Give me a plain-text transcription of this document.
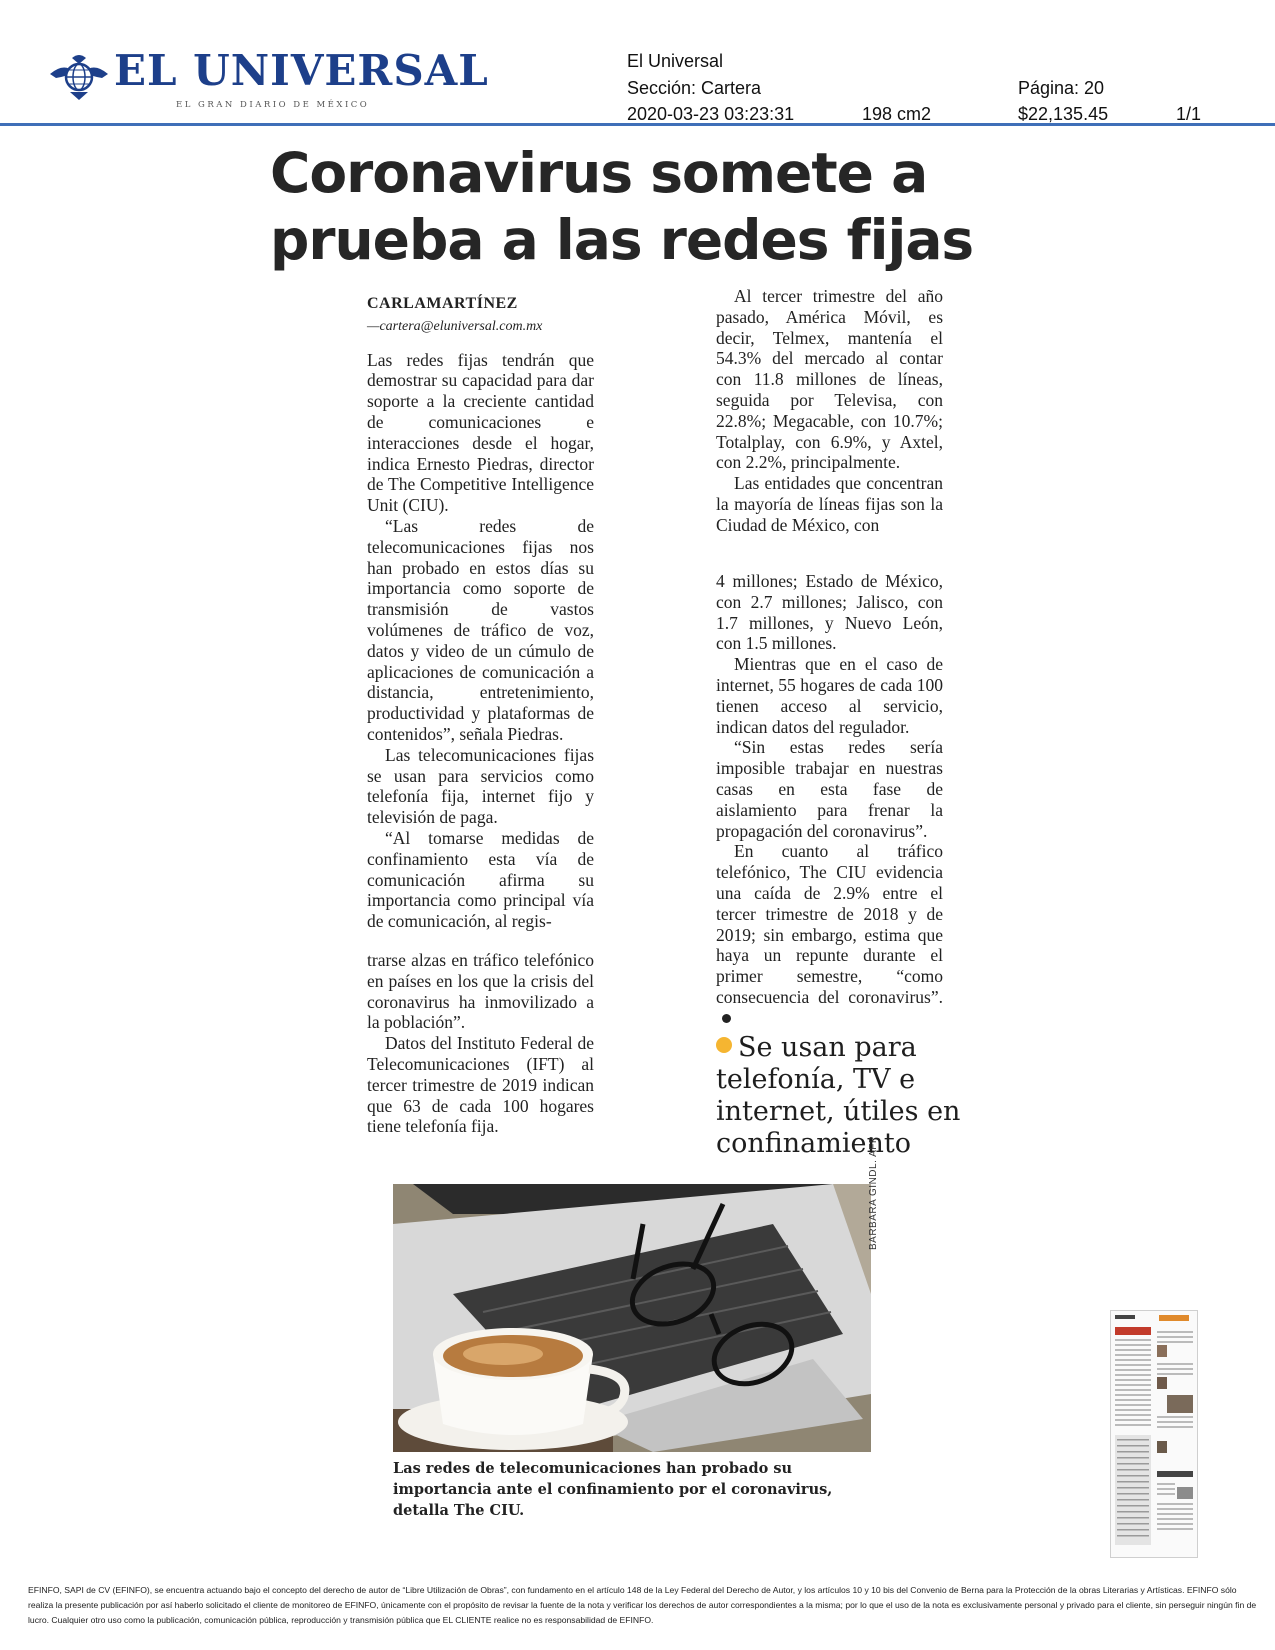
EL UNIVERSAL
EL GRAN DIARIO DE MÉXICO
El Universal
Sección: Cartera
2020-03-23 03:23:31	198 cm2
Página: 20
$22,135.45	1/1
Coronavirus somete a
prueba a las redes fijas

CARLAMARTÍNEZ

—cartera@eluniversal.com.mx

Las redes fijas tendrán que demostrar su capacidad para dar soporte a la creciente cantidad de comunicaciones e interacciones desde el hogar, indica Ernesto Piedras, director de The Competitive Intelligence Unit (CIU).

“Las redes de telecomunicaciones fijas nos han probado en estos días su importancia como soporte de transmisión de vastos volúmenes de tráfico de voz, datos y video de un cúmulo de aplicaciones de comunicación a distancia, entretenimiento, productividad y plataformas de contenidos”, señala Piedras.

Las telecomunicaciones fijas se usan para servicios como telefonía fija, internet fijo y televisión de paga.

“Al tomarse medidas de confinamiento esta vía de comunicación afirma su importancia como principal vía de comunicación, al regis-

trarse alzas en tráfico telefónico en países en los que la crisis del coronavirus ha inmovilizado a la población”.

Datos del Instituto Federal de Telecomunicaciones (IFT) al tercer trimestre de 2019 indican que 63 de cada 100 hogares tiene telefonía fija.

Al tercer trimestre del año pasado, América Móvil, es decir, Telmex, mantenía el 54.3% del mercado al contar con 11.8 millones de líneas, seguida por Televisa, con 22.8%; Megacable, con 10.7%; Totalplay, con 6.9%, y Axtel, con 2.2%, principalmente.

Las entidades que concentran la mayoría de líneas fijas son la Ciudad de México, con

4 millones; Estado de México, con 2.7 millones; Jalisco, con 1.7 millones, y Nuevo León, con 1.5 millones.

Mientras que en el caso de internet, 55 hogares de cada 100 tienen acceso al servicio, indican datos del regulador.

“Sin estas redes sería imposible trabajar en nuestras casas en esta fase de aislamiento para frenar la propagación del coronavirus”.

En cuanto al tráfico telefónico, The CIU evidencia una caída de 2.9% entre el tercer trimestre de 2018 y de 2019; sin embargo, estima que haya un repunte durante el primer semestre, “como consecuencia del coronavirus”.

Se usan para telefonía, TV e internet, útiles en confinamiento
BARBARA GINDL. AFP
Las redes de telecomunicaciones han probado su importancia ante el confinamiento por el coronavirus, detalla The CIU.
EFINFO, SAPI de CV (EFINFO), se encuentra actuando bajo el concepto del derecho de autor de “Libre Utilización de Obras”, con fundamento en el artículo 148 de la Ley Federal del Derecho de Autor, y los artículos 10 y 10 bis del Convenio de Berna para la Protección de la obras Literarias y Artísticas. EFINFO sólo realiza la presente publicación por así haberlo solicitado el cliente de monitoreo de EFINFO, únicamente con el propósito de revisar la fuente de la nota y verificar los derechos de autor correspondientes a la misma; por lo que el uso de la nota es exclusivamente personal y privado para el cliente, sin perseguir ningún fin de lucro. Cualquier otro uso como la publicación, comunicación pública, reproducción y transmisión pública que EL CLIENTE realice no es responsabilidad de EFINFO.
